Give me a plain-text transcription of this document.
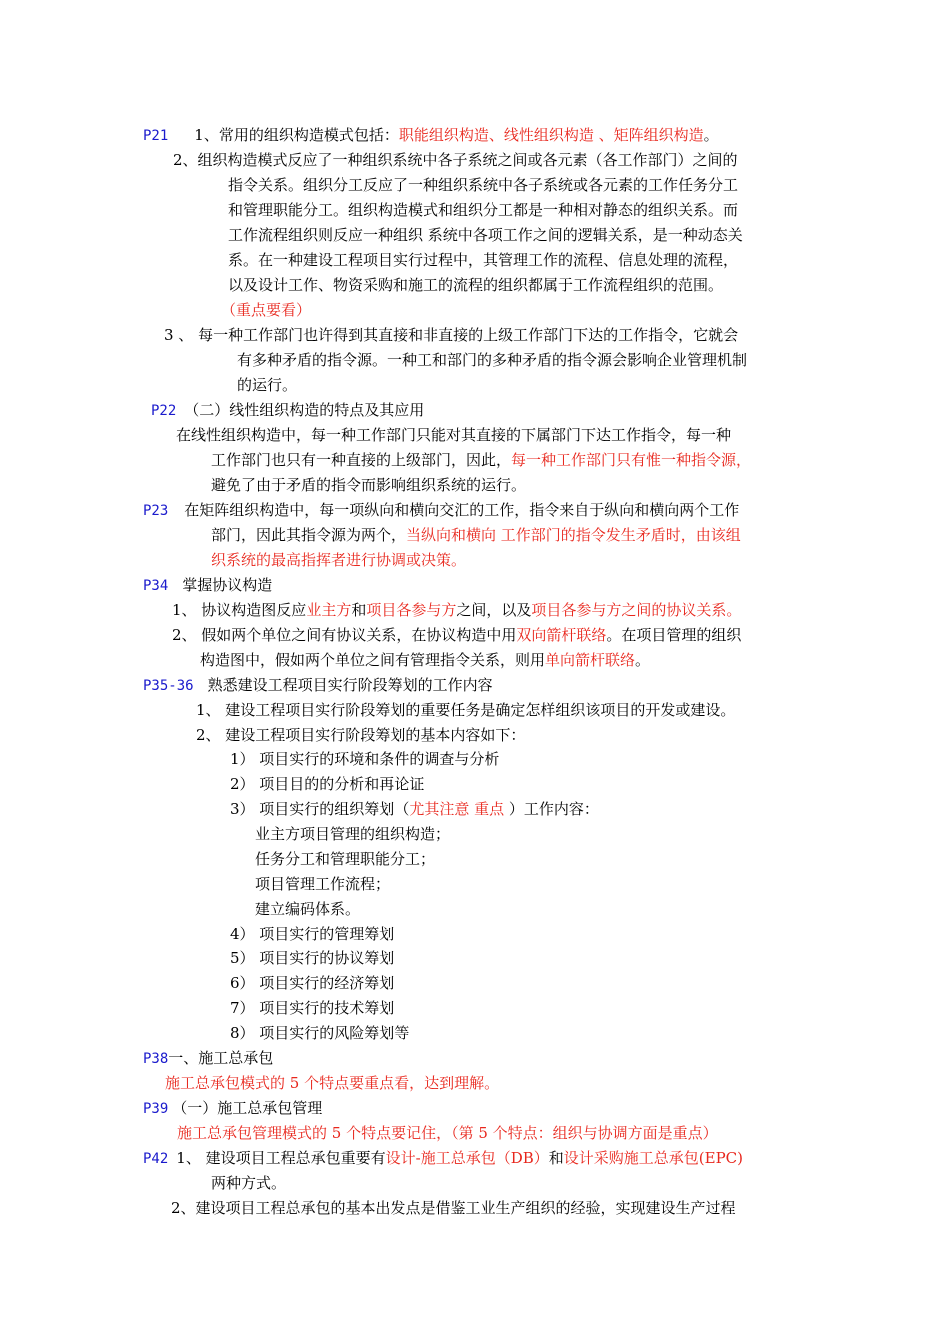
P21 1、常用的组织构造模式包括：职能组织构造、线性组织构造 、矩阵组织构造。
2、组织构造模式反应了一种组织系统中各子系统之间或各元素（各工作部门）之间的
指令关系。组织分工反应了一种组织系统中各子系统或各元素的工作任务分工
和管理职能分工。组织构造模式和组织分工都是一种相对静态的组织关系。而
工作流程组织则反应一种组织 系统中各项工作之间的逻辑关系，是一种动态关
系。在一种建设工程项目实行过程中，其管理工作的流程、信息处理的流程，
以及设计工作、物资采购和施工的流程的组织都属于工作流程组织的范围。
（重点要看）
3 、 每一种工作部门也许得到其直接和非直接的上级工作部门下达的工作指令，它就会
有多种矛盾的指令源。一种工和部门的多种矛盾的指令源会影响企业管理机制
的运行。
P22 （二）线性组织构造的特点及其应用
在线性组织构造中，每一种工作部门只能对其直接的下属部门下达工作指令，每一种
工作部门也只有一种直接的上级部门，因此，每一种工作部门只有惟一种指令源，
避免了由于矛盾的指令而影响组织系统的运行。
P23 在矩阵组织构造中，每一项纵向和横向交汇的工作，指令来自于纵向和横向两个工作
部门，因此其指令源为两个，当纵向和横向 工作部门的指令发生矛盾时，由该组
织系统的最高指挥者进行协调或决策。
P34 掌握协议构造
1、 协议构造图反应业主方和项目各参与方之间，以及项目各参与方之间的协议关系。
2、 假如两个单位之间有协议关系，在协议构造中用双向箭杆联络。在项目管理的组织
构造图中，假如两个单位之间有管理指令关系，则用单向箭杆联络。
P35-36 熟悉建设工程项目实行阶段筹划的工作内容
1、 建设工程项目实行阶段筹划的重要任务是确定怎样组织该项目的开发或建设。
2、 建设工程项目实行阶段筹划的基本内容如下：
1） 项目实行的环境和条件的调查与分析
2） 项目目的的分析和再论证
3） 项目实行的组织筹划（尤其注意 重点 ）工作内容：
业主方项目管理的组织构造；
任务分工和管理职能分工；
项目管理工作流程；
建立编码体系。
4） 项目实行的管理筹划
5） 项目实行的协议筹划
6） 项目实行的经济筹划
7） 项目实行的技术筹划
8） 项目实行的风险筹划等
P38一、施工总承包
施工总承包模式的 5 个特点要重点看，达到理解。
P39 （一）施工总承包管理
施工总承包管理模式的 5 个特点要记住，（第 5 个特点：组织与协调方面是重点）
P42 1、 建设项目工程总承包重要有设计-施工总承包（DB）和设计采购施工总承包(EPC)
两种方式。
2、建设项目工程总承包的基本出发点是借鉴工业生产组织的经验，实现建设生产过程
